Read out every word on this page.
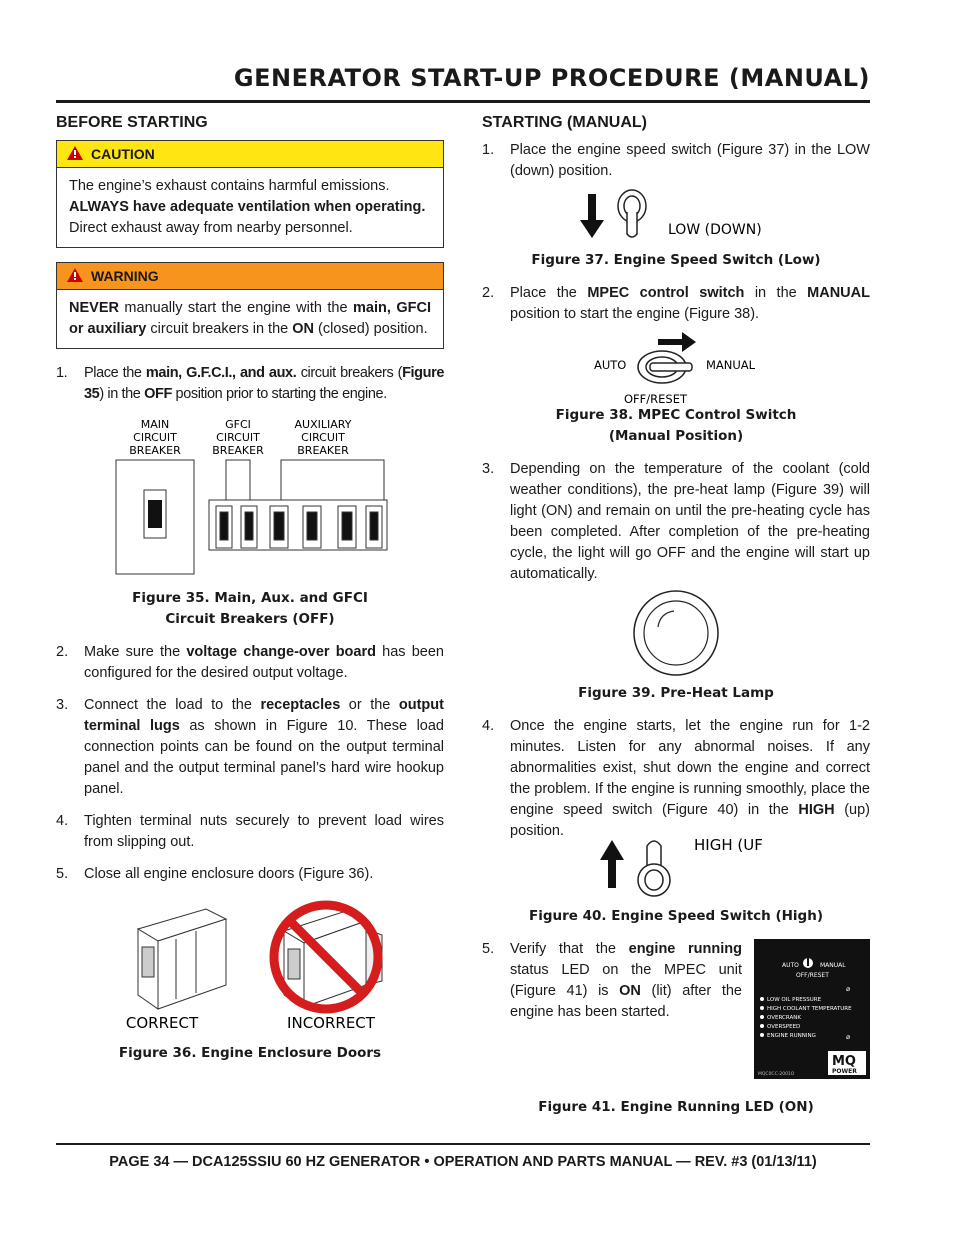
GENERATOR START-UP PROCEDURE (MANUAL)
BEFORE STARTING
CAUTION
The engine’s exhaust contains harmful emissions.
ALWAYS have adequate ventilation when operating.
Direct exhaust away from nearby personnel.
WARNING
NEVER manually start the engine with the main, GFCI or auxiliary circuit breakers in the ON (closed) position.
1. Place the main, G.F.C.I., and aux. circuit breakers (Figure 35) in the OFF position prior to starting the engine.
MAIN
CIRCUIT
BREAKER
GFCI
CIRCUIT
BREAKER
AUXILIARY
CIRCUIT
BREAKER
Figure 35. Main, Aux. and GFCI
Circuit Breakers (OFF)
2. Make sure the voltage change-over board has been configured for the desired output voltage.
3. Connect the load to the receptacles or the output terminal lugs as shown in Figure 10. These load connection points can be found on the output terminal panel and the output terminal panel’s hard wire hookup panel.
4. Tighten terminal nuts securely to prevent load wires from slipping out.
5. Close all engine enclosure doors (Figure 36).
CORRECT	INCORRECT
Figure 36. Engine Enclosure Doors
STARTING (MANUAL)
1. Place the engine speed switch (Figure 37) in the LOW (down) position.
LOW (DOWN)
Figure 37. Engine Speed Switch (Low)
2. Place the MPEC control switch in the MANUAL position to start the engine (Figure 38).
AUTO	MANUAL
OFF/RESET
Figure 38. MPEC Control Switch
(Manual Position)
3. Depending on the temperature of the coolant (cold weather conditions), the pre-heat lamp (Figure 39) will light (ON) and remain on until the pre-heating cycle has been completed. After completion of the pre-heating cycle, the light will go OFF and the engine will start up automatically.
Figure 39. Pre-Heat Lamp
4. Once the engine starts, let the engine run for 1-2 minutes. Listen for any abnormal noises. If any abnormalities exist, shut down the engine and correct the problem. If the engine is running smoothly, place the engine speed switch (Figure 40) in the HIGH (up) position.
HIGH (UF
Figure 40. Engine Speed Switch (High)
5. Verify that the engine running status LED on the MPEC unit (Figure 41) is ON (lit) after the engine has been started.
AUTO	MANUAL
OFF/RESET
⌀
LOW OIL PRESSURE
HIGH COOLANT TEMPERATURE
OVERCRANK
OVERSPEED
ENGINE RUNNING	⌀
MQ
POWER
MQC0CC-2001O
Figure 41. Engine Running LED (ON)
PAGE 34 — DCA125SSIU 60 HZ GENERATOR • OPERATION AND PARTS MANUAL — REV. #3 (01/13/11)
